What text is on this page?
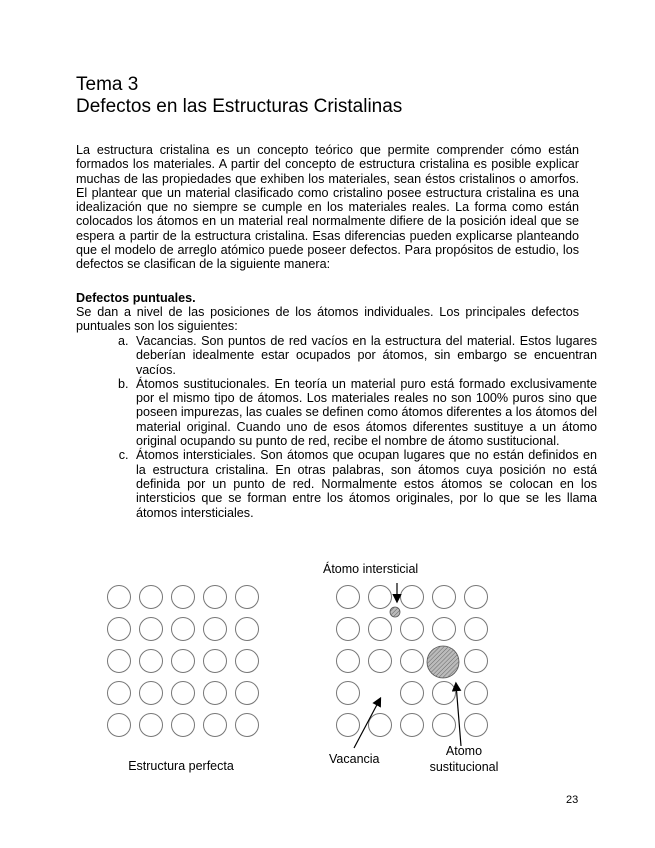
Tema 3
Defectos en las Estructuras Cristalinas
La estructura cristalina es un concepto teórico que permite comprender cómo están formados los materiales. A partir del concepto de estructura cristalina es posible explicar muchas de las propiedades que exhiben los materiales, sean éstos cristalinos o amorfos. El plantear que un material clasificado como cristalino posee estructura cristalina es una idealización que no siempre se cumple en los materiales reales. La forma como están colocados los átomos en un material real normalmente difiere de la posición ideal que se espera a partir de la estructura cristalina. Esas diferencias pueden explicarse planteando que el modelo de arreglo atómico puede poseer defectos. Para propósitos de estudio, los defectos se clasifican de la siguiente manera:
Defectos puntuales.
Se dan a nivel de las posiciones de los átomos individuales. Los principales defectos puntuales son los siguientes:
a. Vacancias. Son puntos de red vacíos en la estructura del material. Estos lugares deberían idealmente estar ocupados por átomos, sin embargo se encuentran vacíos.
b. Átomos sustitucionales. En teoría un material puro está formado exclusivamente por el mismo tipo de átomos. Los materiales reales no son 100% puros sino que poseen impurezas, las cuales se definen como átomos diferentes a los átomos del material original. Cuando uno de esos átomos diferentes sustituye a un átomo original ocupando su punto de red, recibe el nombre de átomo sustitucional.
c. Átomos intersticiales. Son átomos que ocupan lugares que no están definidos en la estructura cristalina. En otras palabras, son átomos cuya posición no está definida por un punto de red. Normalmente estos átomos se colocan en los intersticios que se forman entre los átomos originales, por lo que se les llama átomos intersticiales.
Átomo intersticial
Estructura perfecta	Vacancia
Atomo
sustitucional
23
